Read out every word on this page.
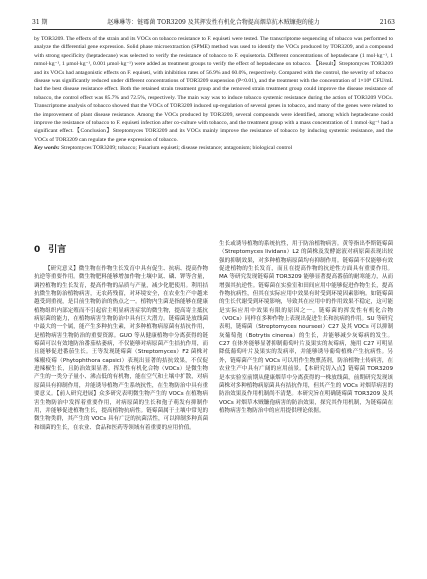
31 期	赵琳琳等：链霉菌 TOR3209 及其挥发性有机化合物提高烟草抗木贼镰孢的能力	2163

by TOR3209. The effects of the strain and its VOCs on tobacco resistance to F. equiseti were tested. The transcriptome sequencing of tobacco was performed to analyze the differential gene expression. Solid phase microextraction (SPME) method was used to identify the VOCs produced by TOR3209, and a compound with strong specificity (heptadecane) was selected to verify the resistance of tobacco to F. equisetoria. Different concentrations of heptadecane (1 mol·kg⁻¹, 1 mmol·kg⁻¹, 1 μmol·kg⁻¹, 0.001 μmol·kg⁻¹) were added as treatment groups to verify the effect of heptadecane on tobacco. 【Result】Streptomyces TOR3209 and its VOCs had antagonistic effects on F. equiseti, with inhibition rates of 56.9% and 60.0%, respectively. Compared with the control, the severity of tobacco disease was significantly reduced under different concentrations of TOR3209 suspension (P<0.01), and the treatment with the concentration of 1×10⁸ CFU/mL had the best disease resistance effect. Both the retained strain treatment group and the removed strain treatment group could improve the disease resistance of tobacco, the control effect was 85.7% and 72.5%, respectively. The main way was to induce tobacco systemic resistance during the action of TOR3209 VOCs. Transcriptome analysis of tobacco showed that the VOCs of TOR3209 induced up-regulation of several genes in tobacco, and many of the genes were related to the improvement of plant disease resistance. Among the VOCs produced by TOR3209, several compounds were identified, among which heptadecane could improve the resistance of tobacco to F. equiseti infection after co-culture with tobacco, and the treatment group with a mass concentration of 1 mmol·kg⁻¹ had a significant effect.【Conclusion】Streptomyces TOR3209 and its VOCs mainly improve the resistance of tobacco by inducing systemic resistance, and the VOCs of TOR3209 can regulate the gene expression of tobacco.

Key words: Streptomyces TOR3209; tobacco; Fusarium equiseti; disease resistance; antagonism; biological control

0 引言

【研究意义】微生物在作物生长发育中具有促生、抗病、提高作物抗逆等重要作用。微生物肥料能够增加作物土壤中氮、磷、钾等含量，调控植物的生长发育，提高作物的品质与产量，减少化肥使用。利用拮抗微生物防治植物病害，无农药残留，对环境安全，在农业生产中越来越受到重视，是目前生物防治的热点之一。植物内生菌是指能够在健康植物组织内部定殖而不引起宿主明显病害症状的微生物，提高寄主抵抗病原菌的能力，在植物病害生物防治中具有巨大潜力。链霉菌是放线菌中最大的一个属，能产生多种抗生素，对多种植物病原菌有拮抗作用，是植物病害生物防治的重要资源。GUO 等从健康植物中分离获得的链霉菌可以有效地防治番茄枯萎病，不仅能够对病原菌产生拮抗作用，而且能够促进番茄生长。王等发现链霉菌（Streptomyces）F2 菌株对辣椒疫霉（Phytophthora capsici）表现出显著的拮抗效果，不仅促进辣椒生长，且防治效果显著。挥发性有机化合物（VOCs）是微生物产生的一类分子量小、沸点低的有机物，能在空气和土壤中扩散，对病原菌具有抑制作用，并能诱导植物产生系统抗性，在生物防治中具有重要意义。【前人研究进展】众多研究表明微生物产生的 VOCs 在植物病害生物防治中发挥着重要作用，对病原菌的生长和孢子萌发有抑制作用，并能够促进植物生长，提高植物抗病性。链霉菌属于土壤中常见的微生物类群，其产生的 VOCs 具有广泛的抗菌活性，可以抑制多种真菌和细菌的生长，在农业、食品和医药等领域有着重要的应用价值。

生长或诱导植物的系统抗性，用于防治植物病害。黄等指出李斯链霉菌（Streptomyces lividans）L2 的菌株及发酵滤液对病原菌表现出较强的抑制效果，对多种植物病原菌均有抑制作用。链霉菌不仅能够有效促进植物的生长发育，而且在提高作物的抗逆性方面具有重要作用。MA 等研究发现链霉菌 TOR3209 能够显著提高番茄的耐寒能力，从而增强其抗逆性。链霉菌在实验室和田间应用中能够促进作物生长，提高作物抗病性，但其在实际应用中效果有时受到环境因素影响。如链霉菌的生长代谢受到环境影响，导致其在应用中的作用效果不稳定，这可能是实际应用中效果有限的原因之一。链霉菌的挥发性有机化合物（VOCs）同样在多种作物上表现出促进生长和抗病的作用。SU 等研究表明，链霉菌（Streptomyces nourseei）C27 及其 VOCs 可以抑制灰葡萄孢（Botrytis cinerea）的生长，并能够减少灰霉病的发生。C27 在体外能够显著抑制葡萄叶片及果实的灰霉病，施用 C27 可明显降低葡萄叶片及果实的发病率，并能够诱导葡萄植株产生抗病性。另外，链霉菌产生的 VOCs 可以用作生物熏蒸剂，防治植物土传病害，在农业生产中具有广阔的应用前景。【本研究切入点】链霉菌 TOR3209 是本实验室前期从健康烟草中分离获得的一株放线菌，前期研究发现该菌株对多种植物病原菌具有拮抗作用，但其产生的 VOCs 对烟草病害的防治效果及作用机制尚不清楚。本研究旨在明确链霉菌 TOR3209 及其 VOCs 对烟草木贼镰孢病害的防治效果，探究其作用机制，为链霉菌在植物病害生物防治中的应用提供理论依据。
